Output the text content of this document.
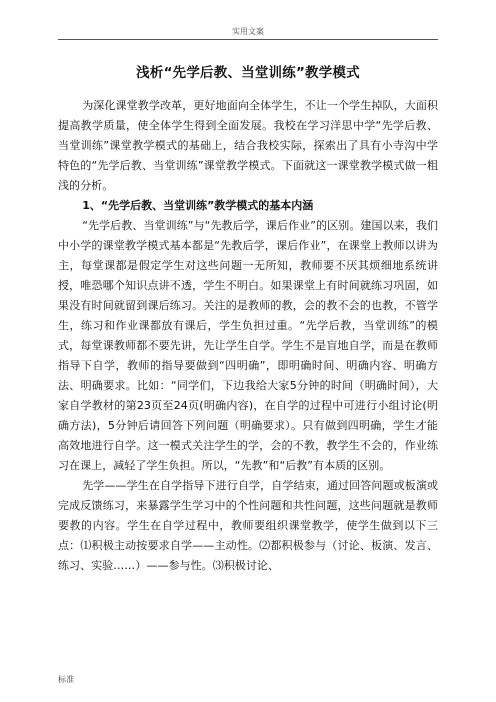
实用文案
浅析“先学后教、当堂训练”教学模式

为深化课堂教学改革，更好地面向全体学生，不让一个学生掉队，大面积提高教学质量，使全体学生得到全面发展。我校在学习洋思中学“先学后教、当堂训练”课堂教学模式的基础上，结合我校实际，探索出了具有小寺沟中学特色的“先学后教、当堂训练”课堂教学模式。下面就这一课堂教学模式做一粗浅的分析。

1、“先学后教、当堂训练”教学模式的基本内涵

“先学后教、当堂训练”与“先教后学，课后作业”的区别。建国以来，我们中小学的课堂教学模式基本都是“先教后学，课后作业”，在课堂上教师以讲为主，每堂课都是假定学生对这些问题一无所知，教师要不厌其烦细地系统讲授，唯恐哪个知识点讲不透，学生不明白。如果课堂上有时间就练习巩固，如果没有时间就留到课后练习。关注的是教师的教，会的教不会的也教，不管学生，练习和作业课都放有课后，学生负担过重。“先学后教，当堂训练”的模式，每堂课教师都不要先讲，先让学生自学。学生不是盲地自学，而是在教师指导下自学，教师的指导要做到“四明确”，即明确时间、明确内容、明确方法、明确要求。比如：“同学们，下边我给大家5分钟的时间（明确时间），大家自学教材的第23页至24页(明确内容)，在自学的过程中可进行小组讨论(明确方法)，5分钟后请回答下列问题（明确要求）。只有做到四明确，学生才能高效地进行自学。这一模式关注学生的学，会的不教，教学生不会的，作业练习在课上，减轻了学生负担。所以，“先教”和“后教”有本质的区别。

先学——学生在自学指导下进行自学，自学结束，通过回答问题或板演或完成反馈练习，来暴露学生学习中的个性问题和共性问题，这些问题就是教师要教的内容。学生在自学过程中，教师要组织课堂教学，使学生做到以下三点：⑴积极主动按要求自学——主动性。⑵都积极参与（讨论、板演、发言、练习、实验……）——参与性。⑶积极讨论、

标准
